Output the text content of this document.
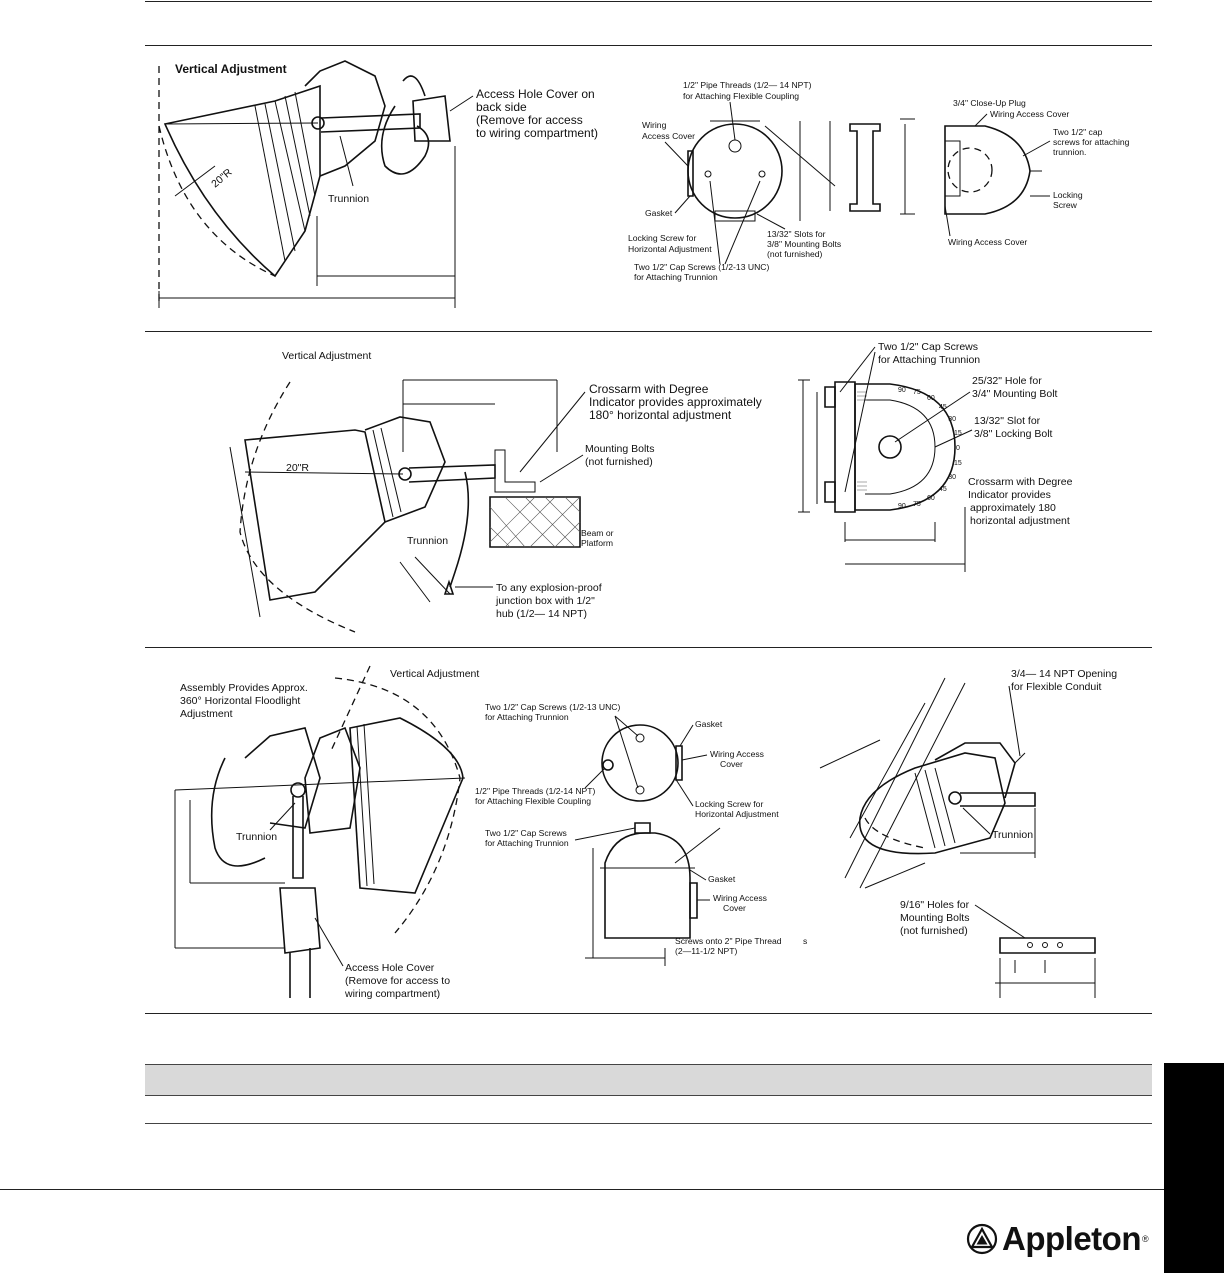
Vertical Adjustment
20"R
Trunnion
Access Hole Cover on
back side
(Remove for access
to wiring compartment)
1/2" Pipe Threads (1/2— 14 NPT)
for Attaching Flexible Coupling
Wiring
Access Cover
Gasket
Locking Screw for
Horizontal Adjustment
13/32" Slots for
3/8" Mounting Bolts
(not furnished)
Two 1/2" Cap Screws (1/2-13 UNC)
for Attaching Trunnion
3/4" Close-Up Plug
Wiring Access Cover
Two 1/2" cap
screws for attaching
trunnion.
Locking
Screw
Wiring Access Cover
Vertical Adjustment
20"R
Trunnion
Crossarm with Degree
Indicator provides approximately
180° horizontal adjustment
Mounting Bolts
(not furnished)
Beam or
Platform
To any explosion-proof
junction box with 1/2"
hub (1/2— 14 NPT)
Two 1/2" Cap Screws
for Attaching Trunnion
25/32" Hole for
3/4" Mounting Bolt
13/32" Slot for
3/8" Locking Bolt
Crossarm with Degree
Indicator provides
approximately 180
horizontal adjustment
90 75
60
45
30
15
0
15
30
45
60
75
90
Assembly Provides Approx.
360° Horizontal Floodlight
Adjustment
Vertical Adjustment
Trunnion
Access Hole Cover
(Remove for access to
wiring compartment)
Two 1/2" Cap Screws (1/2-13 UNC)
for Attaching Trunnion
Gasket
Wiring Access
Cover
1/2" Pipe Threads (1/2-14 NPT)
for Attaching Flexible Coupling	Locking Screw for
Horizontal Adjustment
Two 1/2" Cap Screws
for Attaching Trunnion
Gasket
Wiring Access
Cover
Screws onto 2" Pipe Thread
(2—11-1/2 NPT)
s
3/4— 14 NPT Opening
for Flexible Conduit
Trunnion
9/16" Holes for
Mounting Bolts
(not furnished)
Appleton ®
